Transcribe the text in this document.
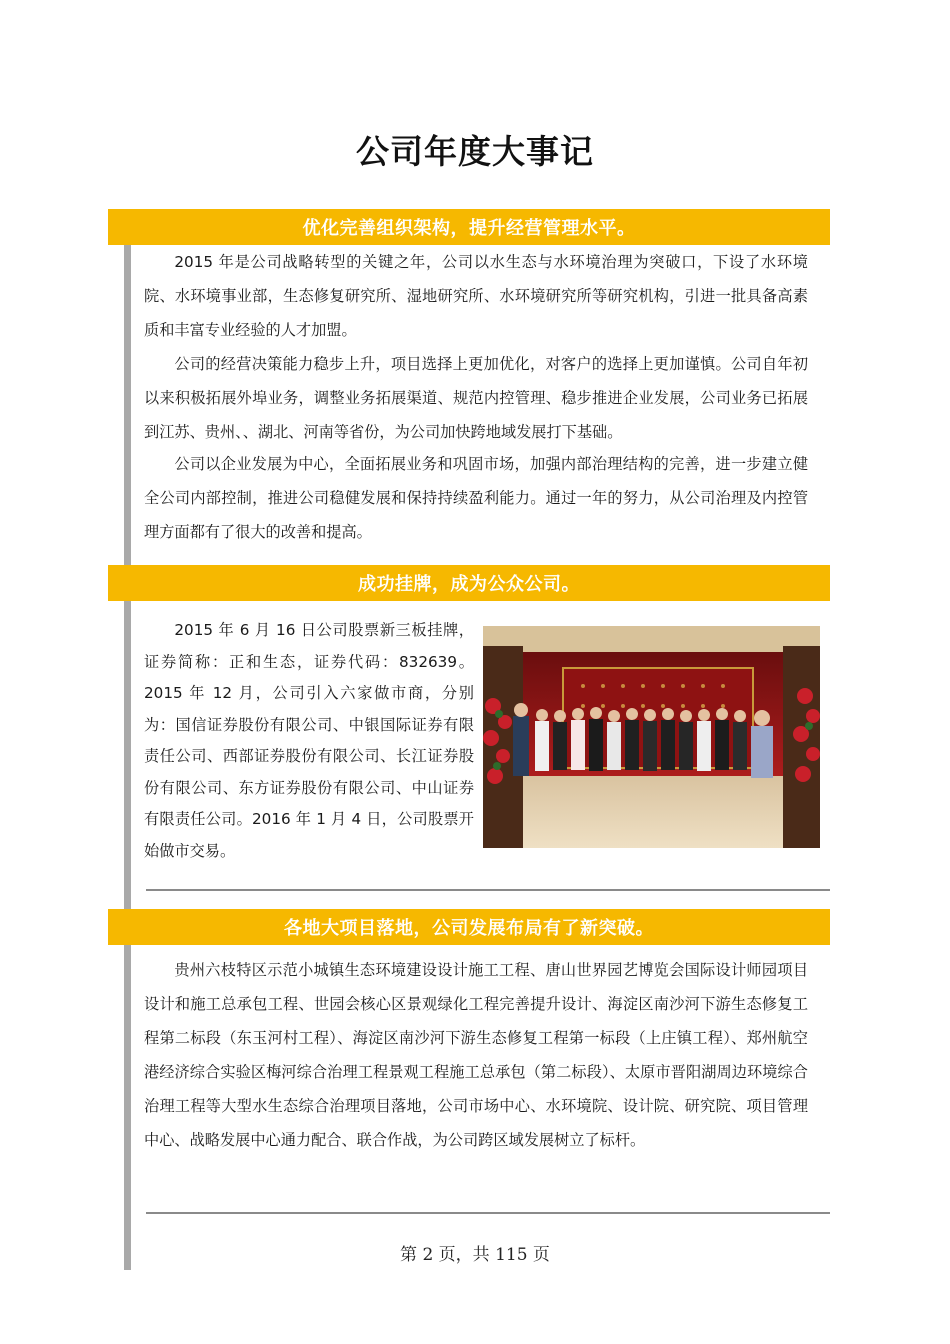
公司年度大事记
优化完善组织架构，提升经营管理水平。

2015 年是公司战略转型的关键之年，公司以水生态与水环境治理为突破口，下设了水环境院、水环境事业部，生态修复研究所、湿地研究所、水环境研究所等研究机构，引进一批具备高素质和丰富专业经验的人才加盟。

公司的经营决策能力稳步上升，项目选择上更加优化，对客户的选择上更加谨慎。公司自年初以来积极拓展外埠业务，调整业务拓展渠道、规范内控管理、稳步推进企业发展，公司业务已拓展到江苏、贵州、、湖北、河南等省份，为公司加快跨地域发展打下基础。

公司以企业发展为中心，全面拓展业务和巩固市场，加强内部治理结构的完善，进一步建立健全公司内部控制，推进公司稳健发展和保持持续盈利能力。通过一年的努力，从公司治理及内控管理方面都有了很大的改善和提高。

成功挂牌，成为公众公司。

2015 年 6 月 16 日公司股票新三板挂牌，证券简称：正和生态，证券代码：832639。2015 年 12 月，公司引入六家做市商，分别为：国信证券股份有限公司、中银国际证券有限责任公司、西部证券股份有限公司、长江证券股份有限公司、东方证券股份有限公司、中山证券有限责任公司。2016 年 1 月 4 日，公司股票开始做市交易。

各地大项目落地，公司发展布局有了新突破。

贵州六枝特区示范小城镇生态环境建设设计施工工程、唐山世界园艺博览会国际设计师园项目设计和施工总承包工程、世园会核心区景观绿化工程完善提升设计、海淀区南沙河下游生态修复工程第二标段（东玉河村工程）、海淀区南沙河下游生态修复工程第一标段（上庄镇工程）、郑州航空港经济综合实验区梅河综合治理工程景观工程施工总承包（第二标段）、太原市晋阳湖周边环境综合治理工程等大型水生态综合治理项目落地，公司市场中心、水环境院、设计院、研究院、项目管理中心、战略发展中心通力配合、联合作战，为公司跨区域发展树立了标杆。

第 2 页，共 115 页
